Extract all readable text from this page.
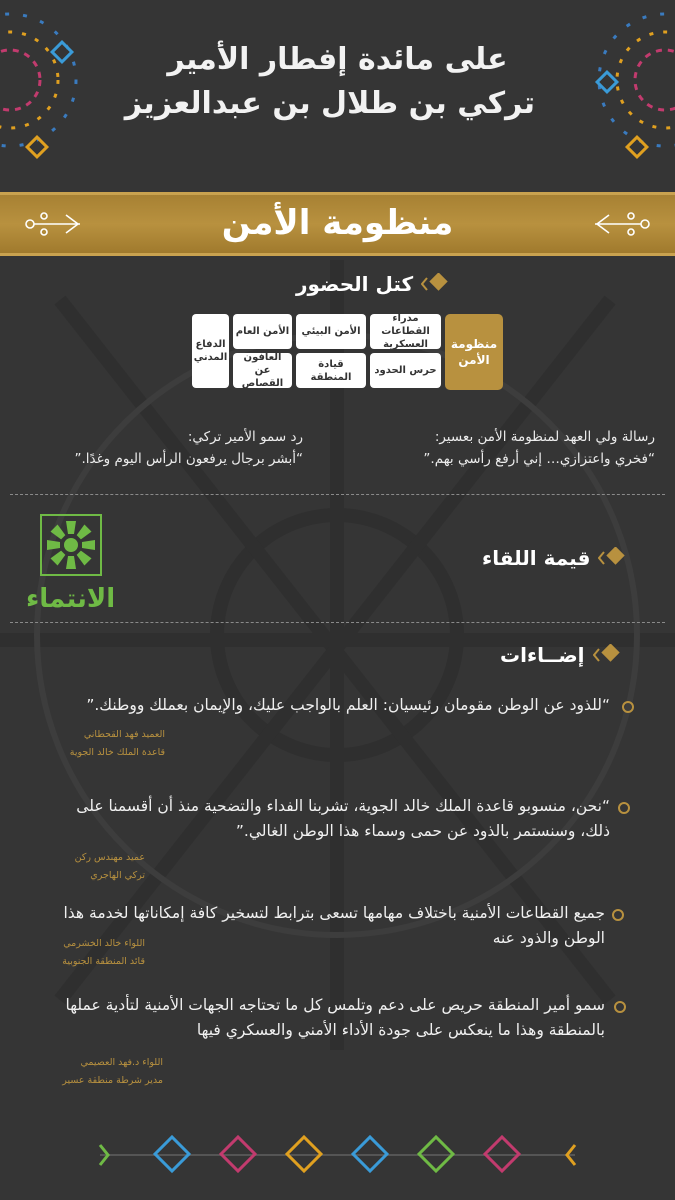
على مائدة إفطار الأمير
تركي بن طلال بن عبدالعزيز
منظومة الأمن
كتل الحضور
منظومة الأمن
مدراء القطاعات العسكرية
حرس الحدود
الأمن البيئي
قيادة المنطقة
الأمن العام
العافون عن القصاص
الدفاع المدني
رسالة ولي العهد لمنظومة الأمن بعسير:
“فخري واعتزازي… إني أرفع رأسي بهم.”
رد سمو الأمير تركي:
“أبشر برجال يرفعون الرأس اليوم وغدًا.”
الانتماء
قيمة اللقاء
إضــاءات
“للذود عن الوطن مقومان رئيسيان: العلم بالواجب عليك، والإيمان بعملك ووطنك.”
العميد فهد القحطاني
قاعدة الملك خالد الجوية
“نحن، منسوبو قاعدة الملك خالد الجوية، تشربنا الفداء والتضحية منذ أن أقسمنا على ذلك، وسنستمر بالذود عن حمى وسماء هذا الوطن الغالي.”
عميد مهندس ركن
تركي الهاجري
جميع القطاعات الأمنية باختلاف مهامها تسعى بترابط لتسخير كافة إمكاناتها لخدمة هذا الوطن والذود عنه
اللواء خالد الخشرمي
قائد المنطقة الجنوبية
سمو أمير المنطقة حريص على دعم وتلمس كل ما تحتاجه الجهات الأمنية لتأدية عملها بالمنطقة وهذا ما ينعكس على جودة الأداء الأمني والعسكري فيها
اللواء د.فهد العصيمي
مدير شرطة منطقة عسير
